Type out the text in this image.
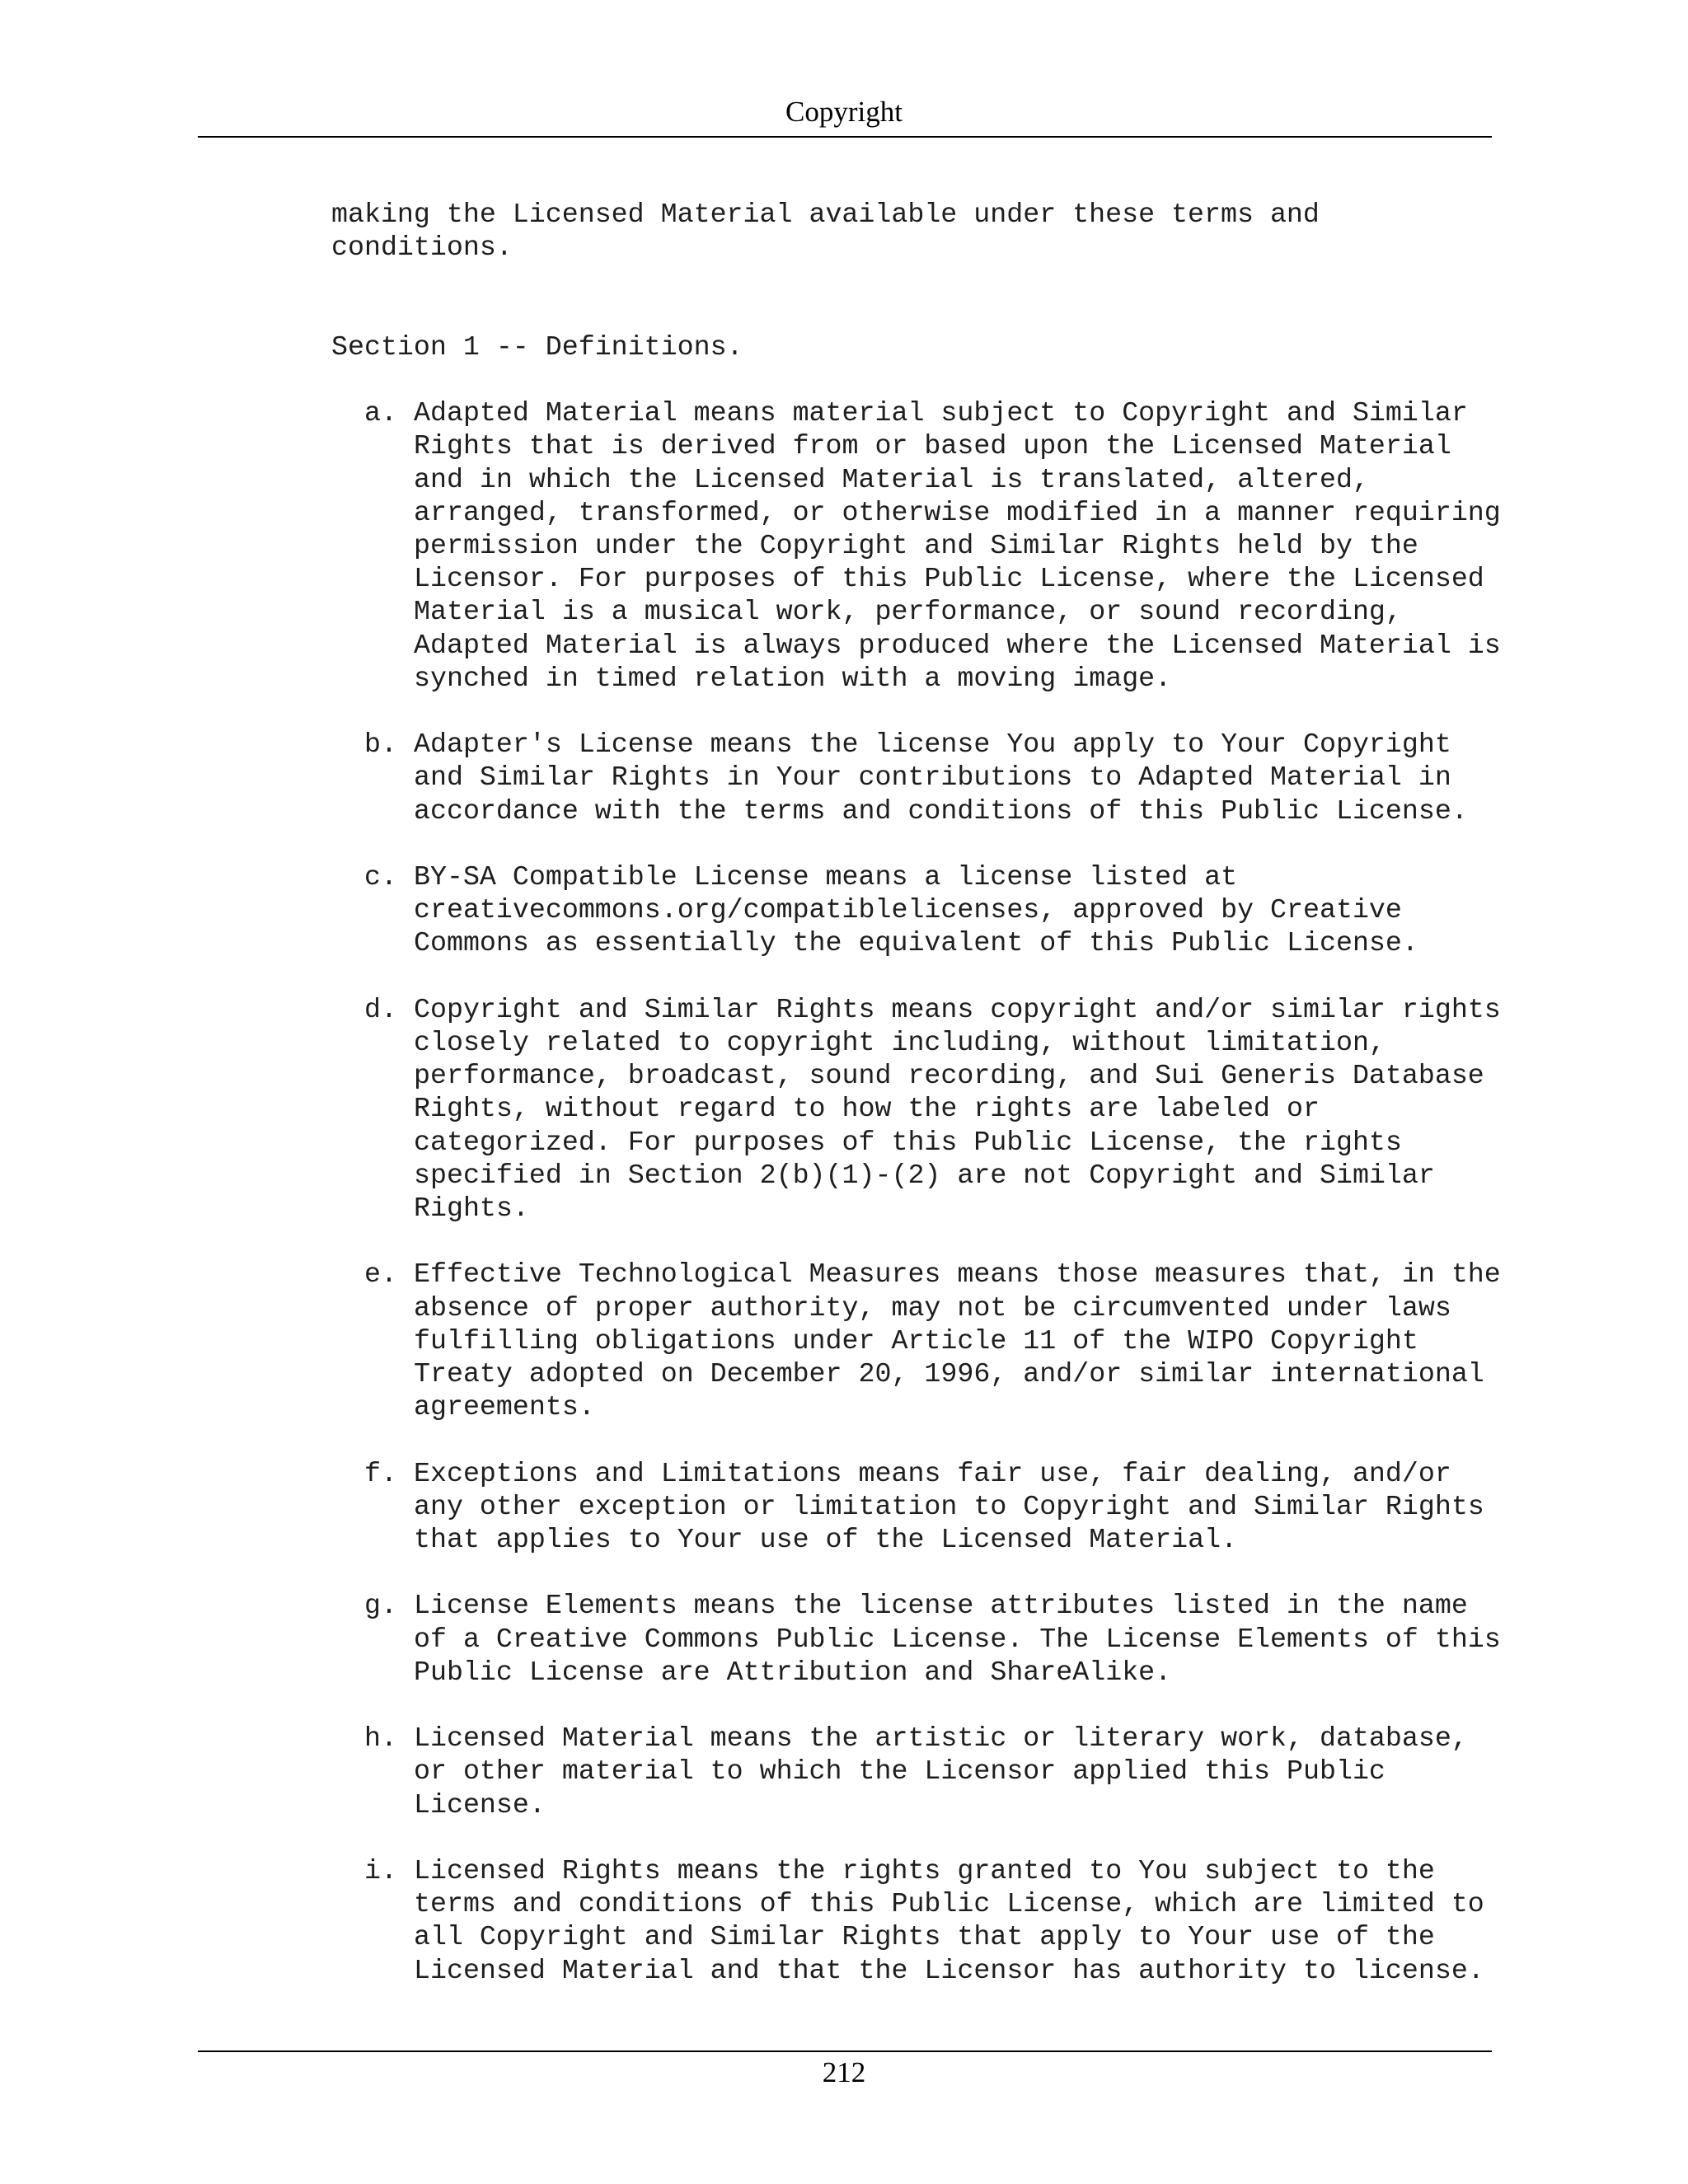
Copyright

making the Licensed Material available under these terms and
conditions.

Section 1 -- Definitions.

a. Adapted Material means material subject to Copyright and Similar
Rights that is derived from or based upon the Licensed Material
and in which the Licensed Material is translated, altered,
arranged, transformed, or otherwise modified in a manner requiring
permission under the Copyright and Similar Rights held by the
Licensor. For purposes of this Public License, where the Licensed
Material is a musical work, performance, or sound recording,
Adapted Material is always produced where the Licensed Material is
synched in timed relation with a moving image.
b. Adapter's License means the license You apply to Your Copyright
and Similar Rights in Your contributions to Adapted Material in
accordance with the terms and conditions of this Public License.
c. BY-SA Compatible License means a license listed at
creativecommons.org/compatiblelicenses, approved by Creative
Commons as essentially the equivalent of this Public License.
d. Copyright and Similar Rights means copyright and/or similar rights
closely related to copyright including, without limitation,
performance, broadcast, sound recording, and Sui Generis Database
Rights, without regard to how the rights are labeled or
categorized. For purposes of this Public License, the rights
specified in Section 2(b)(1)-(2) are not Copyright and Similar
Rights.
e. Effective Technological Measures means those measures that, in the
absence of proper authority, may not be circumvented under laws
fulfilling obligations under Article 11 of the WIPO Copyright
Treaty adopted on December 20, 1996, and/or similar international
agreements.
f. Exceptions and Limitations means fair use, fair dealing, and/or
any other exception or limitation to Copyright and Similar Rights
that applies to Your use of the Licensed Material.
g. License Elements means the license attributes listed in the name
of a Creative Commons Public License. The License Elements of this
Public License are Attribution and ShareAlike.
h. Licensed Material means the artistic or literary work, database,
or other material to which the Licensor applied this Public
License.
i. Licensed Rights means the rights granted to You subject to the
terms and conditions of this Public License, which are limited to
all Copyright and Similar Rights that apply to Your use of the
Licensed Material and that the Licensor has authority to license.
212
